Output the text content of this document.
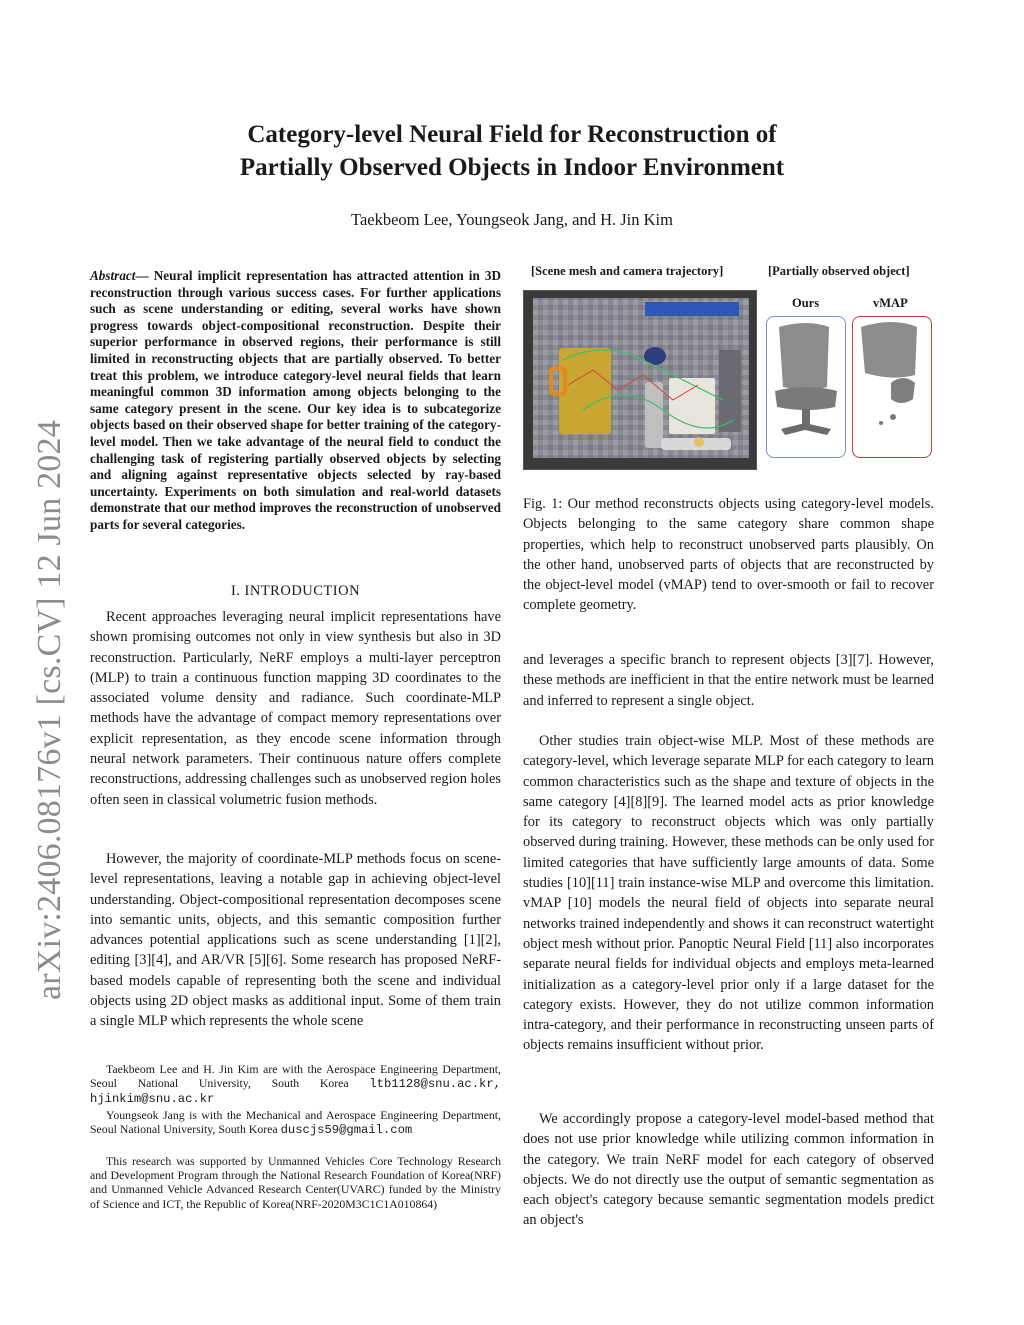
arXiv:2406.08176v1 [cs.CV] 12 Jun 2024
Category-level Neural Field for Reconstruction of
Partially Observed Objects in Indoor Environment
Taekbeom Lee, Youngseok Jang, and H. Jin Kim
Abstract— Neural implicit representation has attracted attention in 3D reconstruction through various success cases. For further applications such as scene understanding or editing, several works have shown progress towards object-compositional reconstruction. Despite their superior performance in observed regions, their performance is still limited in reconstructing objects that are partially observed. To better treat this problem, we introduce category-level neural fields that learn meaningful common 3D information among objects belonging to the same category present in the scene. Our key idea is to subcategorize objects based on their observed shape for better training of the category-level model. Then we take advantage of the neural field to conduct the challenging task of registering partially observed objects by selecting and aligning against representative objects selected by ray-based uncertainty. Experiments on both simulation and real-world datasets demonstrate that our method improves the reconstruction of unobserved parts for several categories.
I. INTRODUCTION

Recent approaches leveraging neural implicit representations have shown promising outcomes not only in view synthesis but also in 3D reconstruction. Particularly, NeRF employs a multi-layer perceptron (MLP) to train a continuous function mapping 3D coordinates to the associated volume density and radiance. Such coordinate-MLP methods have the advantage of compact memory representations over explicit representation, as they encode scene information through neural network parameters. Their continuous nature offers complete reconstructions, addressing challenges such as unobserved region holes often seen in classical volumetric fusion methods.

However, the majority of coordinate-MLP methods focus on scene-level representations, leaving a notable gap in achieving object-level understanding. Object-compositional representation decomposes scene into semantic units, objects, and this semantic composition further advances potential applications such as scene understanding [1][2], editing [3][4], and AR/VR [5][6]. Some research has proposed NeRF-based models capable of representing both the scene and individual objects using 2D object masks as additional input. Some of them train a single MLP which represents the whole scene

Taekbeom Lee and H. Jin Kim are with the Aerospace Engineering Department, Seoul National University, South Korea ltb1128@snu.ac.kr, hjinkim@snu.ac.kr

Youngseok Jang is with the Mechanical and Aerospace Engineering Department, Seoul National University, South Korea duscjs59@gmail.com

This research was supported by Unmanned Vehicles Core Technology Research and Development Program through the National Research Foundation of Korea(NRF) and Unmanned Vehicle Advanced Research Center(UVARC) funded by the Ministry of Science and ICT, the Republic of Korea(NRF-2020M3C1C1A010864)

[Scene mesh and camera trajectory]	[Partially observed object]
Ours	vMAP

Fig. 1: Our method reconstructs objects using category-level models. Objects belonging to the same category share common shape properties, which help to reconstruct unobserved parts plausibly. On the other hand, unobserved parts of objects that are reconstructed by the object-level model (vMAP) tend to over-smooth or fail to recover complete geometry.

and leverages a specific branch to represent objects [3][7]. However, these methods are inefficient in that the entire network must be learned and inferred to represent a single object.

Other studies train object-wise MLP. Most of these methods are category-level, which leverage separate MLP for each category to learn common characteristics such as the shape and texture of objects in the same category [4][8][9]. The learned model acts as prior knowledge for its category to reconstruct objects which was only partially observed during training. However, these methods can be only used for limited categories that have sufficiently large amounts of data. Some studies [10][11] train instance-wise MLP and overcome this limitation. vMAP [10] models the neural field of objects into separate neural networks trained independently and shows it can reconstruct watertight object mesh without prior. Panoptic Neural Field [11] also incorporates separate neural fields for individual objects and employs meta-learned initialization as a category-level prior only if a large dataset for the category exists. However, they do not utilize common information intra-category, and their performance in reconstructing unseen parts of objects remains insufficient without prior.

We accordingly propose a category-level model-based method that does not use prior knowledge while utilizing common information in the category. We train NeRF model for each category of observed objects. We do not directly use the output of semantic segmentation as each object's category because semantic segmentation models predict an object's
